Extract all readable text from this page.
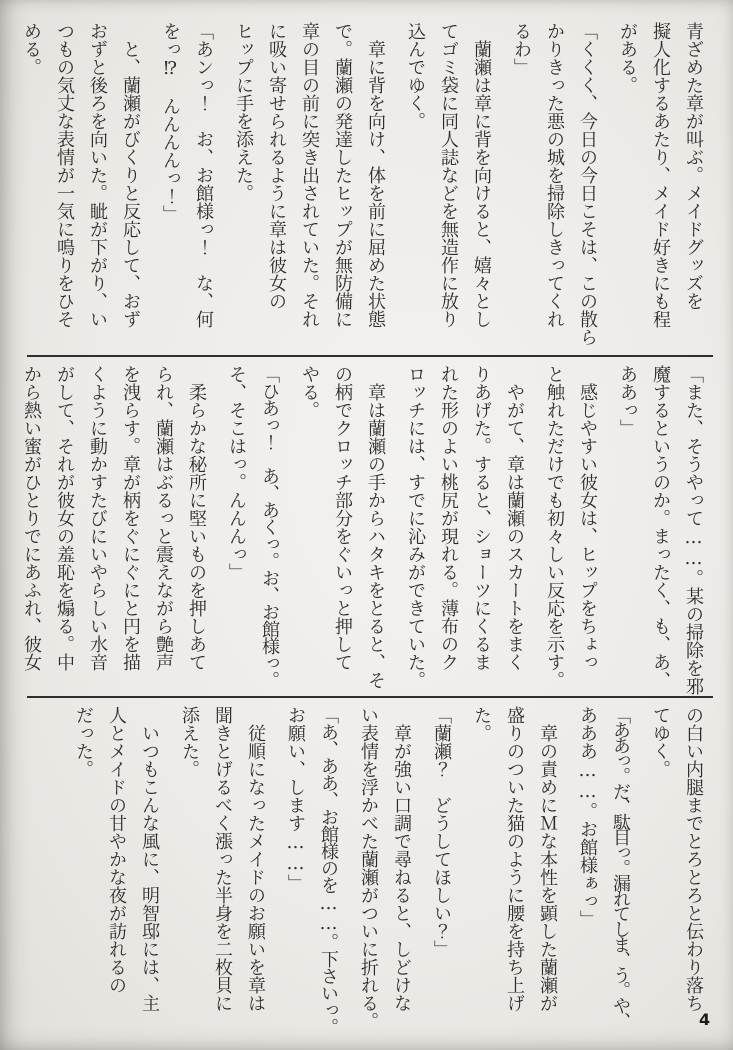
青ざめた章が叫ぶ。メイドグッズを
擬人化するあたり、メイド好きにも程
がある。
「くくく、今日の今日こそは、この散ら
かりきった悪の城を掃除しきってくれ
るわ」
蘭瀬は章に背を向けると、嬉々とし
てゴミ袋に同人誌などを無造作に放り
込んでゆく。
章に背を向け、体を前に屈めた状態
で。蘭瀬の発達したヒップが無防備に
章の目の前に突き出されていた。それ
に吸い寄せられるように章は彼女の
ヒップに手を添えた。
「あンっ！　お、お館様っ！　な、何
をっ⁉　んんんんっ！」
と、蘭瀬がびくりと反応して、おず
おずと後ろを向いた。眦が下がり、い
つもの気丈な表情が一気に鳴りをひそ
める。
「また、そうやって……。某の掃除を邪
魔するというのか。まったく、も、あ、
ああっ」
感じやすい彼女は、ヒップをちょっ
と触れただけでも初々しい反応を示す。
やがて、章は蘭瀬のスカートをまく
りあげた。すると、ショーツにくるま
れた形のよい桃尻が現れる。薄布のク
ロッチには、すでに沁みができていた。
章は蘭瀬の手からハタキをとると、そ
の柄でクロッチ部分をぐいっと押して
やる。
「ひあっ！　あ、あくっ。お、お館様っ。
そ、そこはっ。んんんっ」
柔らかな秘所に堅いものを押しあて
られ、蘭瀬はぶるっと震えながら艶声
を洩らす。章が柄をぐにぐにと円を描
くように動かすたびにいやらしい水音
がして、それが彼女の羞恥を煽る。中
から熱い蜜がひとりでにあふれ、彼女
の白い内腿までとろとろと伝わり落ち
てゆく。
「ああっ。だ、駄目っ。漏れてしま、う。や、
あああ……。お館様ぁっ」
章の責めにＭな本性を顕した蘭瀬が
盛りのついた猫のように腰を持ち上げ
た。
「蘭瀬？　どうしてほしい？」
章が強い口調で尋ねると、しどけな
い表情を浮かべた蘭瀬がついに折れる。
「あ、ああ、お館様のを……。下さいっ。
お願い、します……」
従順になったメイドのお願いを章は
聞きとげるべく漲った半身を二枚貝に
添えた。
いつもこんな風に、明智邸には、主
人とメイドの甘やかな夜が訪れるの
だった。
4
